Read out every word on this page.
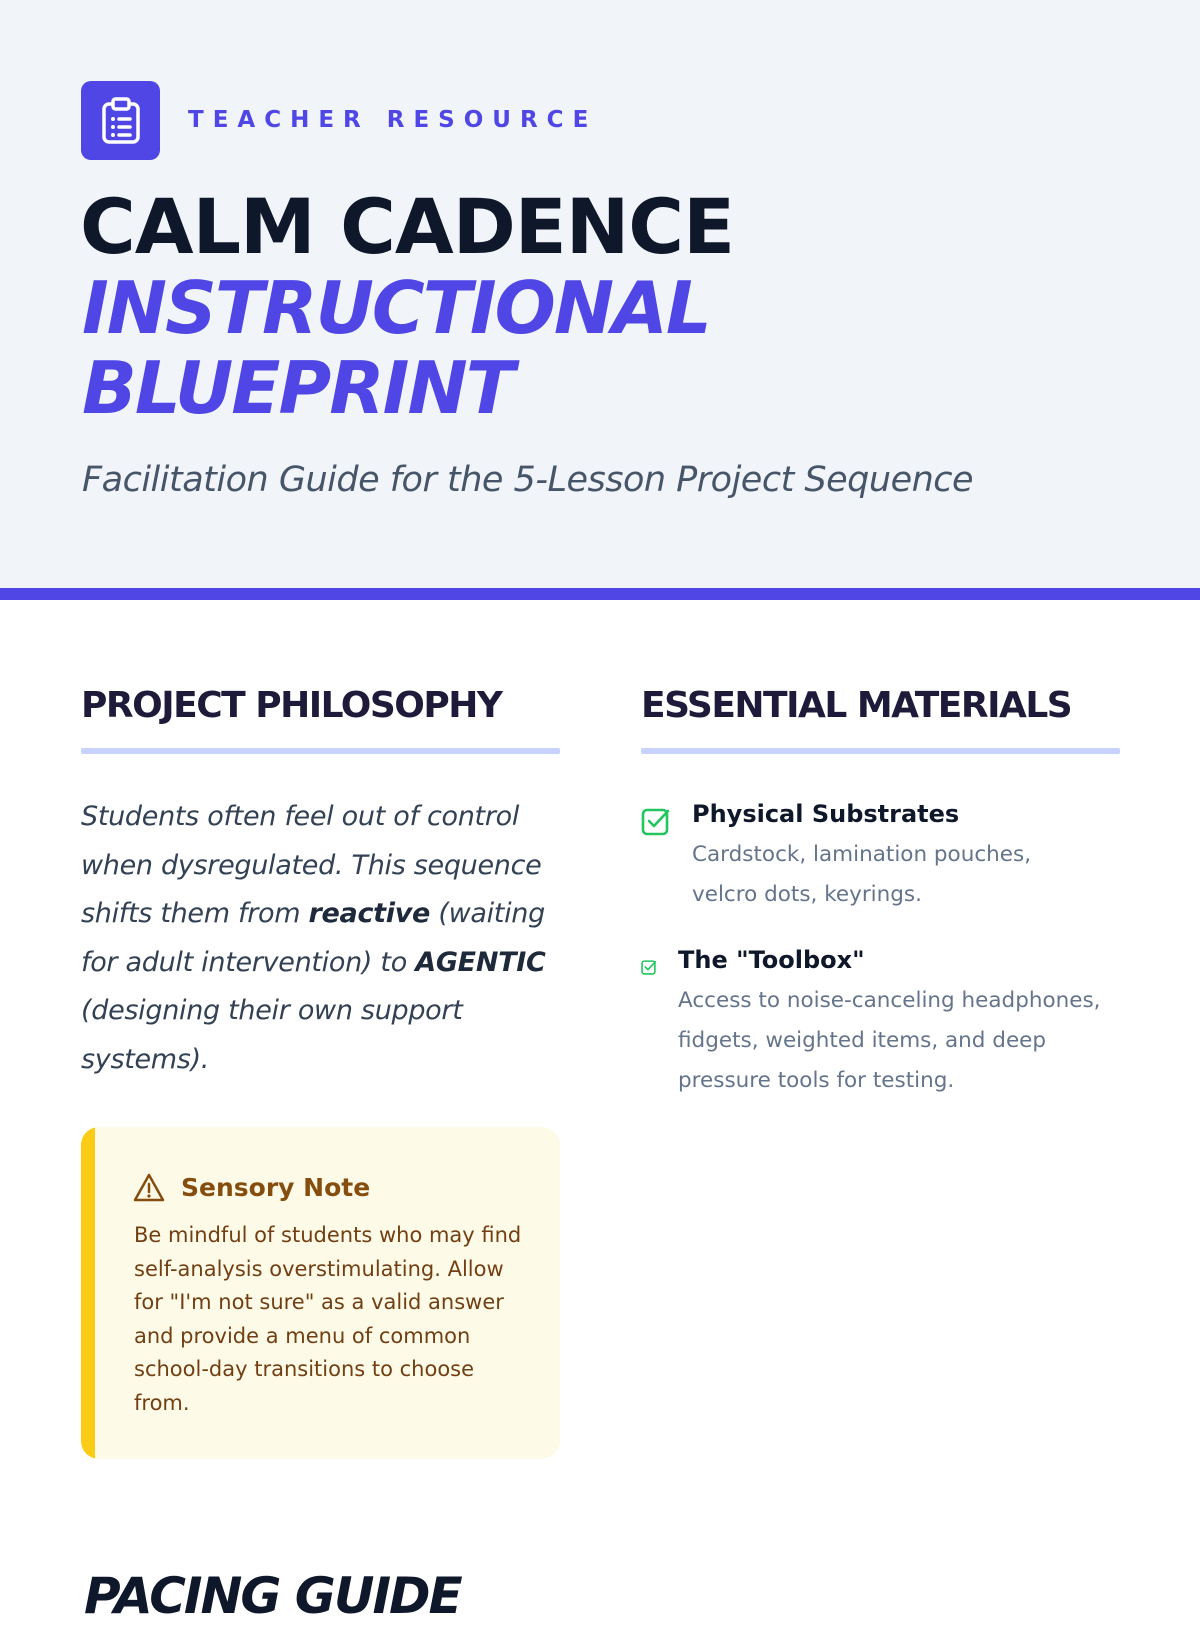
TEACHER RESOURCE
CALM CADENCE
INSTRUCTIONAL BLUEPRINT
Facilitation Guide for the 5-Lesson Project Sequence
PROJECT PHILOSOPHY
Students often feel out of control when dysregulated. This sequence shifts them from reactive (waiting for adult intervention) to AGENTIC (designing their own support systems).
Sensory Note
Be mindful of students who may find self-analysis overstimulating. Allow for "I'm not sure" as a valid answer and provide a menu of common school-day transitions to choose from.
ESSENTIAL MATERIALS
Physical Substrates
Cardstock, lamination pouches, velcro dots, keyrings.
The "Toolbox"
Access to noise-canceling headphones, fidgets, weighted items, and deep pressure tools for testing.
PACING GUIDE
